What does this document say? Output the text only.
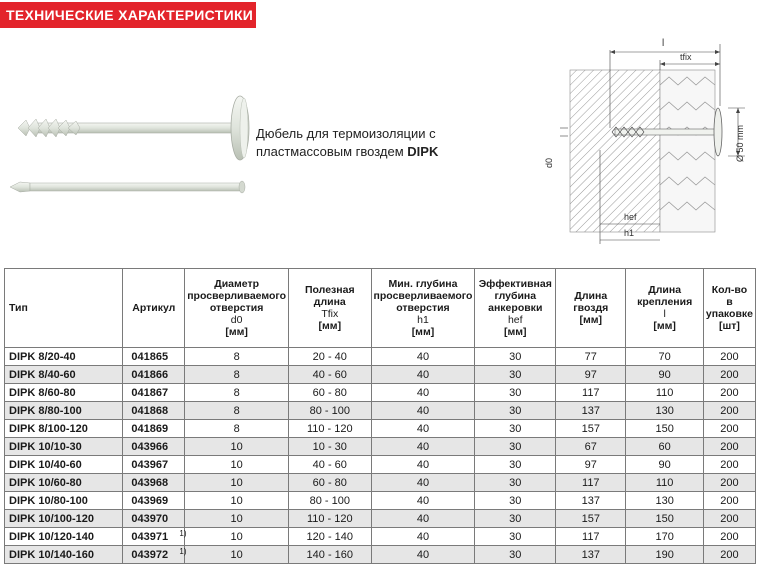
ТЕХНИЧЕСКИЕ ХАРАКТЕРИСТИКИ
Дюбель для термоизоляции с пластмассовым гвоздем DIPK
l
tfix
d0
hef
h1
Ø 50 mm
Тип	Артикул	Диаметр
просверливаемого
отверстия
d0
[мм]	Полезная длина
Tfix
[мм]	Мин. глубина
просверливаемого
отверстия
h1
[мм]	Эффективная
глубина
анкеровки
hef
[мм]	Длина
гвоздя
[мм]	Длина
крепления
l
[мм]	Кол-во
в упаковке
[шт]

DIPK 8/20-40	041865	8	20 - 40	40	30	77	70	200
DIPK 8/40-60	041866	8	40 - 60	40	30	97	90	200
DIPK 8/60-80	041867	8	60 - 80	40	30	117	110	200
DIPK 8/80-100	041868	8	80 - 100	40	30	137	130	200
DIPK 8/100-120	041869	8	110 - 120	40	30	157	150	200
DIPK 10/10-30	043966	10	10 - 30	40	30	67	60	200
DIPK 10/40-60	043967	10	40 - 60	40	30	97	90	200
DIPK 10/60-80	043968	10	60 - 80	40	30	117	110	200
DIPK 10/80-100	043969	10	80 - 100	40	30	137	130	200
DIPK 10/100-120	043970	10	110 - 120	40	30	157	150	200
DIPK 10/120-140	043971 1)	10	120 - 140	40	30	117	170	200
DIPK 10/140-160	043972 1)	10	140 - 160	40	30	137	190	200
